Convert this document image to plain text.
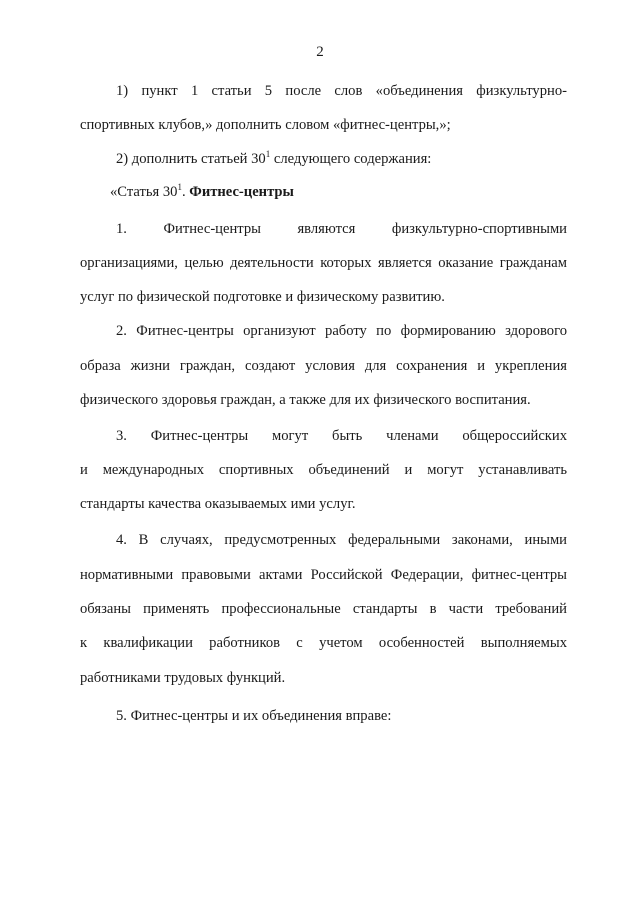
2
1) пункт 1 статьи 5 после слов «объединения физкультурно-
спортивных клубов,» дополнить словом «фитнес-центры,»;
2) дополнить статьей $30^1$ следующего содержания:
«Статья $30^1$. Фитнес-центры
1. Фитнес-центры являются физкультурно-спортивными
организациями, целью деятельности которых является оказание гражданам
услуг по физической подготовке и физическому развитию.
2. Фитнес-центры организуют работу по формированию здорового
образа жизни граждан, создают условия для сохранения и укрепления
физического здоровья граждан, а также для их физического воспитания.
3. Фитнес-центры могут быть членами общероссийских
и международных спортивных объединений и могут устанавливать
стандарты качества оказываемых ими услуг.
4. В случаях, предусмотренных федеральными законами, иными
нормативными правовыми актами Российской Федерации, фитнес-центры
обязаны применять профессиональные стандарты в части требований
к квалификации работников с учетом особенностей выполняемых
работниками трудовых функций.
5. Фитнес-центры и их объединения вправе:
